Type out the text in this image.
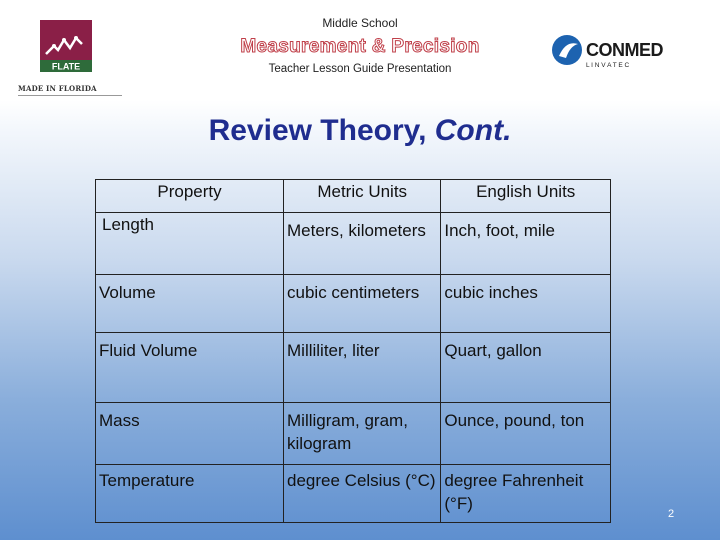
FLATE
MADE IN FLORIDA
Middle School
Measurement & Precision
Teacher Lesson Guide Presentation
CONMED
L I N V A T E C
Review Theory, Cont.
Property	Metric Units	English Units
Length	Meters, kilometers	Inch, foot, mile
Volume	cubic centimeters	cubic inches
Fluid Volume	Milliliter, liter	Quart, gallon
Mass	Milligram, gram, kilogram	Ounce, pound, ton
Temperature	degree Celsius (°C)	degree Fahrenheit (°F)
2
